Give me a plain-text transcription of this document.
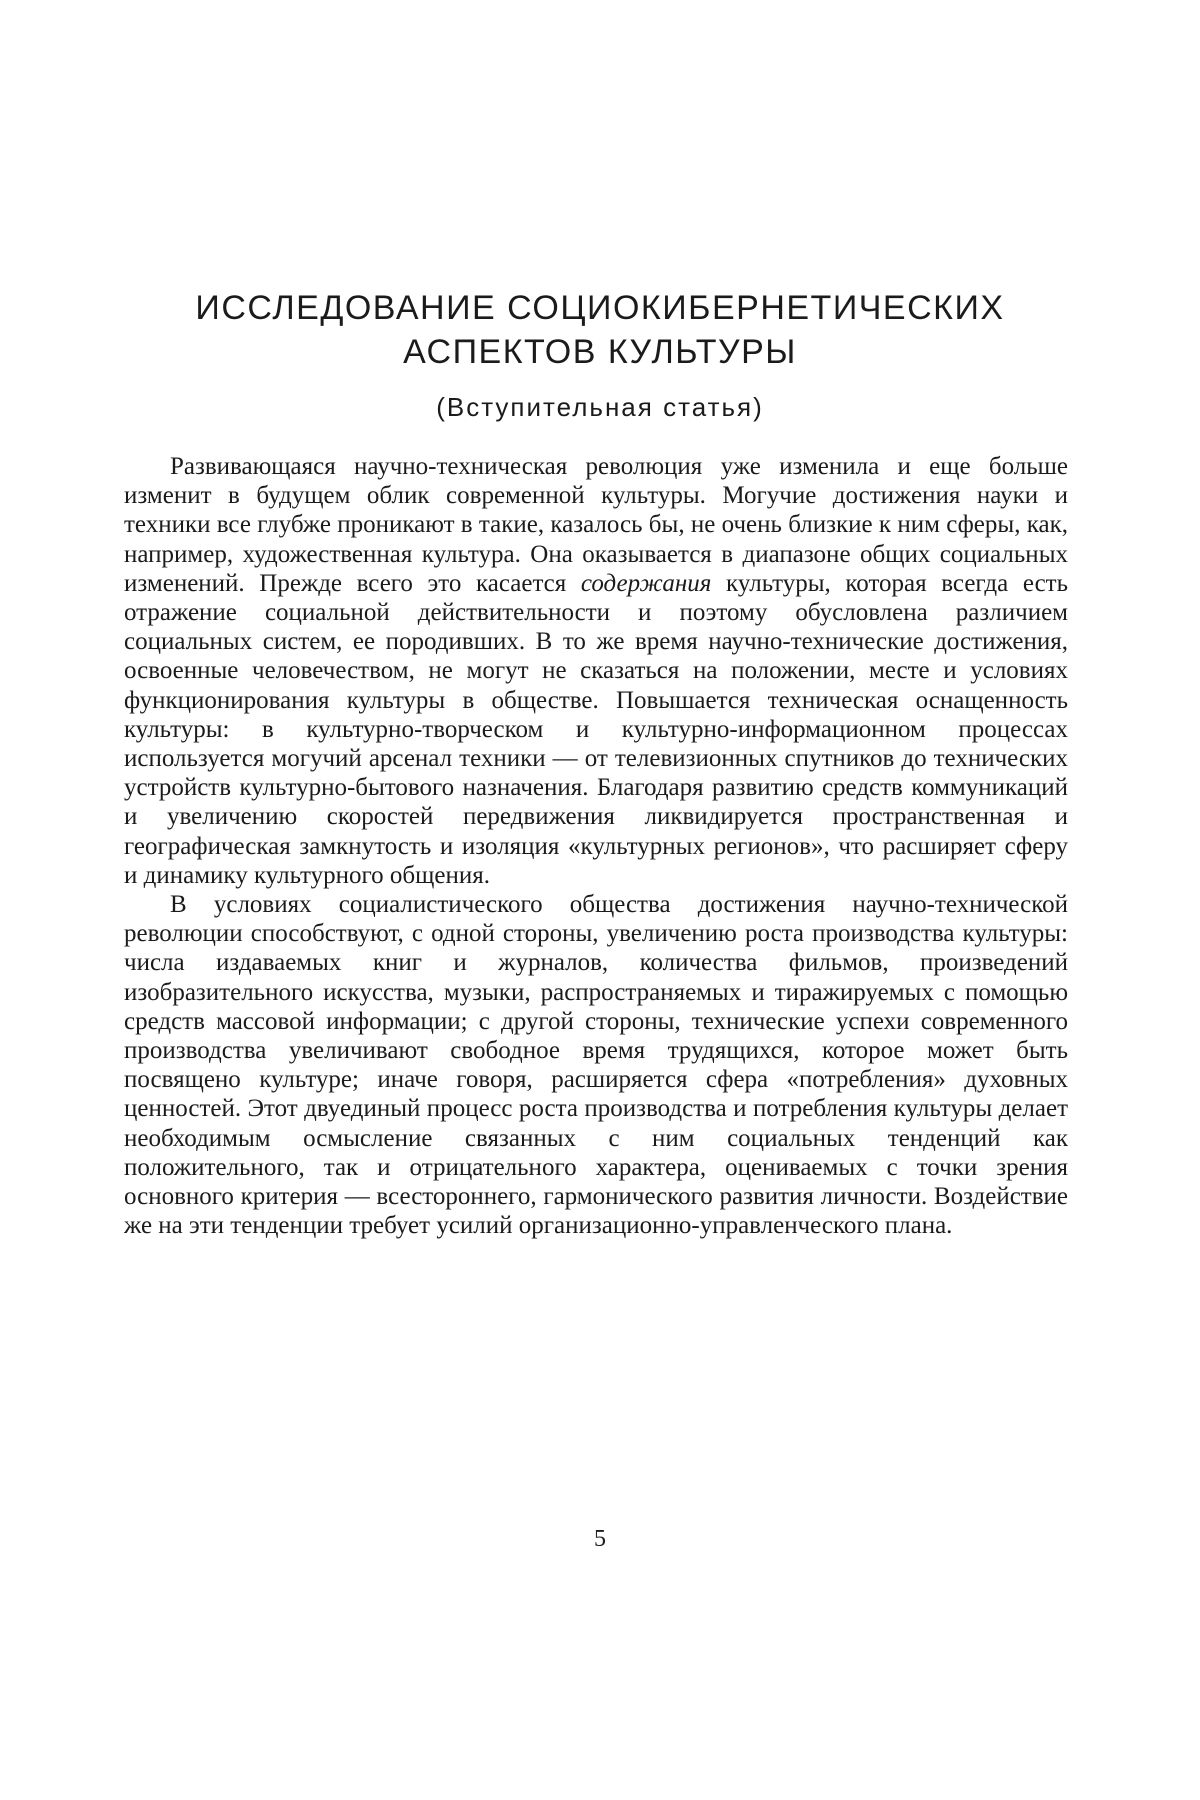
ИССЛЕДОВАНИЕ СОЦИОКИБЕРНЕТИЧЕСКИХ
АСПЕКТОВ КУЛЬТУРЫ
(Вступительная статья)

Развивающаяся научно-техническая революция уже изменила и еще больше изменит в будущем облик современной культуры. Могучие достижения науки и техники все глубже проникают в такие, казалось бы, не очень близкие к ним сферы, как, например, художественная культура. Она оказывается в диапазоне общих социальных изменений. Прежде всего это касается содержания культуры, которая всегда есть отражение социальной действительности и поэтому обусловлена различием социальных систем, ее породивших. В то же время научно-технические достижения, освоенные человечеством, не могут не сказаться на положении, месте и условиях функционирования культуры в обществе. Повышается техническая оснащенность культуры: в культурно-творческом и культурно-информационном процессах используется могучий арсенал техники — от телевизионных спутников до технических устройств культурно-бытового назначения. Благодаря развитию средств коммуникаций и увеличению скоростей передвижения ликвидируется пространственная и географическая замкнутость и изоляция «культурных регионов», что расширяет сферу и динамику культурного общения.

В условиях социалистического общества достижения научно-технической революции способствуют, с одной стороны, увеличению роста производства культуры: числа издаваемых книг и журналов, количества фильмов, произведений изобразительного искусства, музыки, распространяемых и тиражируемых с помощью средств массовой информации; с другой стороны, технические успехи современного производства увеличивают свободное время трудящихся, которое может быть посвящено культуре; иначе говоря, расширяется сфера «потребления» духовных ценностей. Этот двуединый процесс роста производства и потребления культуры делает необходимым осмысление связанных с ним социальных тенденций как положительного, так и отрицательного характера, оцениваемых с точки зрения основного критерия — всестороннего, гармонического развития личности. Воздействие же на эти тенденции требует усилий организационно-управленческого плана.

5
